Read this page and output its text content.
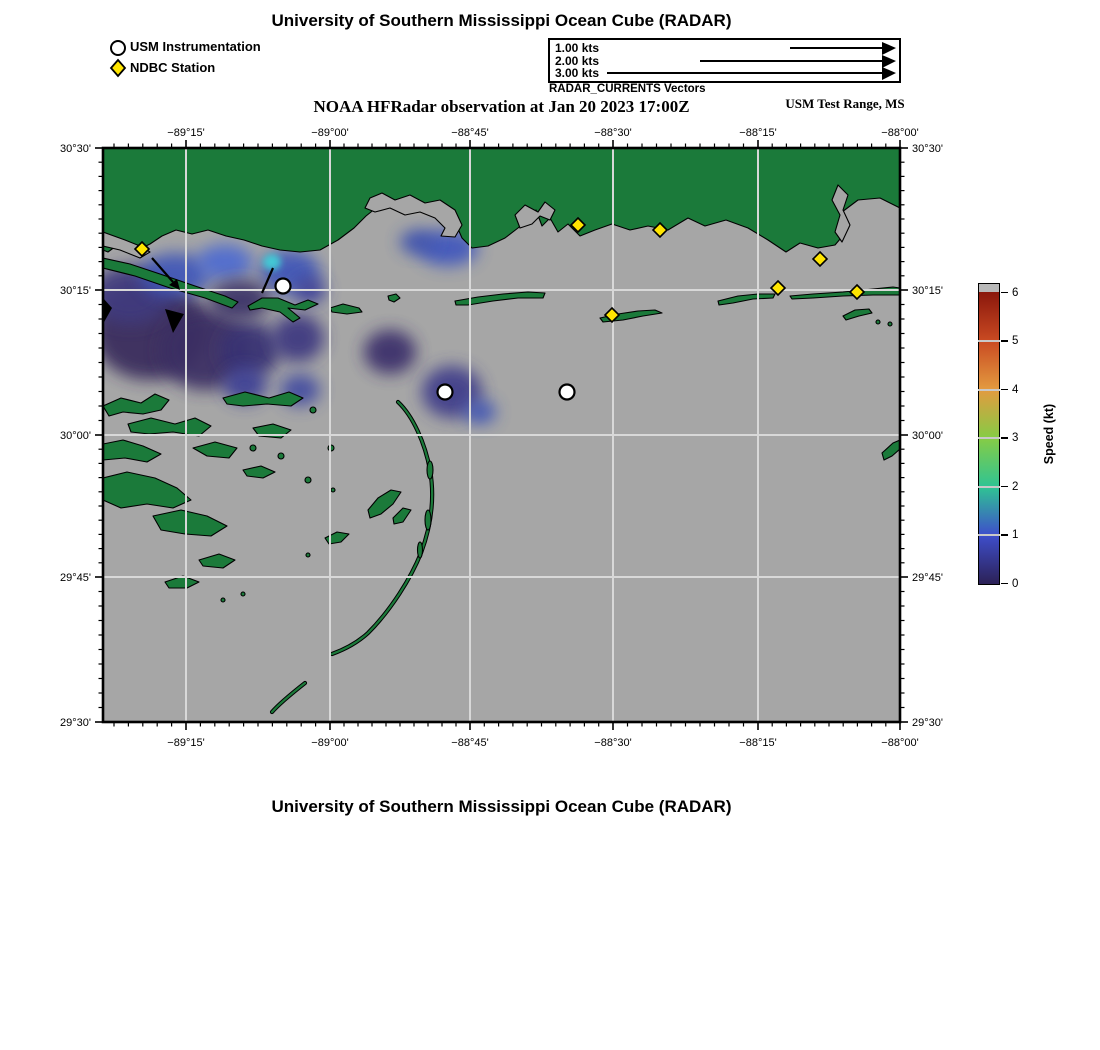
University of Southern Mississippi Ocean Cube (RADAR)
USM Instrumentation
NDBC Station
1.00 kts
2.00 kts
3.00 kts
RADAR_CURRENTS Vectors
NOAA HFRadar observation at Jan 20 2023 17:00Z	USM Test Range, MS
−89°15'
−89°15'
−89°00'
−89°00'
−88°45'
−88°45'
−88°30'
−88°30'
−88°15'
−88°15'
−88°00'
−88°00'
30°30'	30°30'
30°15'	30°15'
30°00'	30°00'
29°45'	29°45'
29°30'	29°30'
Speed (kt)
6
5
4
3
2
1
0
University of Southern Mississippi Ocean Cube (RADAR)
